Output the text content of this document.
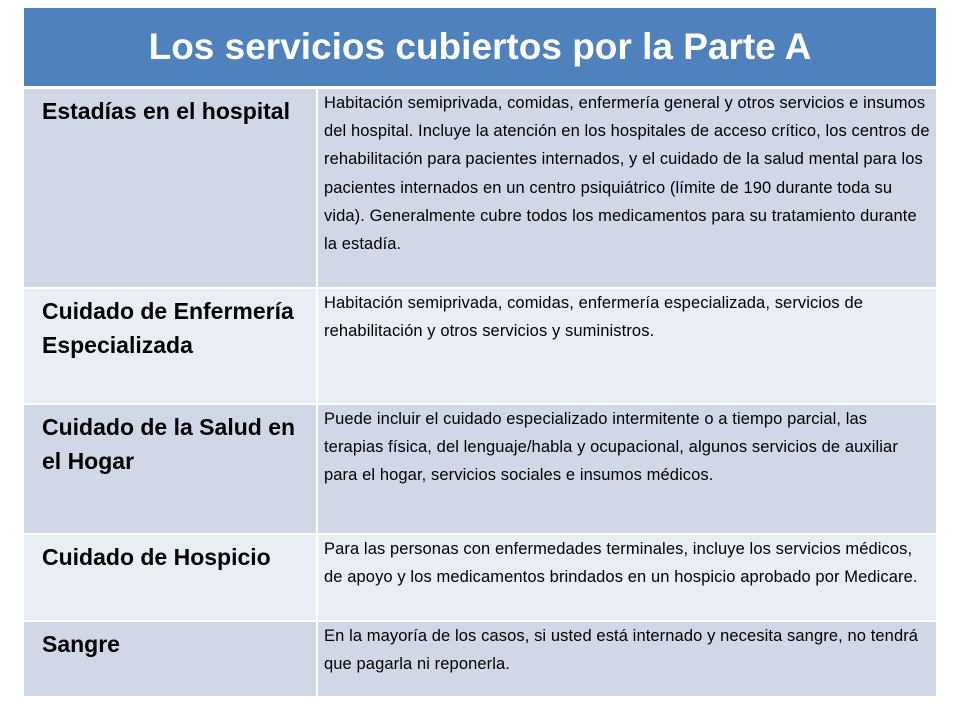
Los servicios cubiertos por la Parte A	

Estadías en el hospital	Habitación semiprivada, comidas, enfermería general y otros servicios e insumos del hospital. Incluye la atención en los hospitales de acceso crítico, los centros de rehabilitación para pacientes internados, y el cuidado de la salud mental para los pacientes internados en un centro psiquiátrico (límite de 190 durante toda su vida). Generalmente cubre todos los medicamentos para su tratamiento durante la estadía.

Cuidado de Enfermería Especializada	Habitación semiprivada, comidas, enfermería especializada, servicios de rehabilitación y otros servicios y suministros.

Cuidado de la Salud en el Hogar	Puede incluir el cuidado especializado intermitente o a tiempo parcial, las terapias física, del lenguaje/habla y ocupacional, algunos servicios de auxiliar para el hogar, servicios sociales e insumos médicos.

Cuidado de Hospicio	Para las personas con enfermedades terminales, incluye los servicios médicos, de apoyo y los medicamentos brindados en un hospicio aprobado por Medicare.

Sangre	En la mayoría de los casos, si usted está internado y necesita sangre, no tendrá que pagarla ni reponerla.
